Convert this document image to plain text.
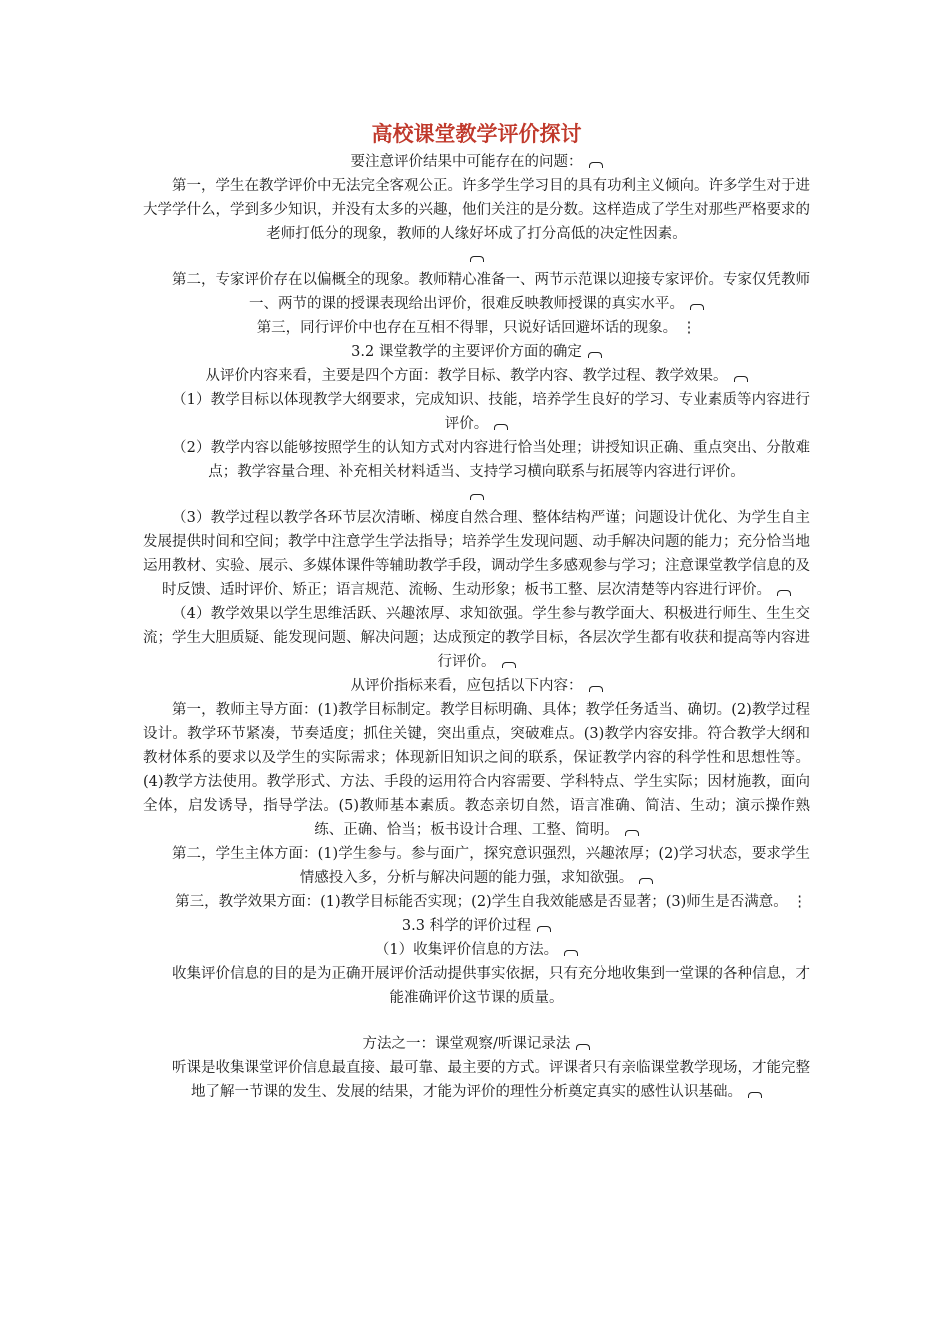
高校课堂教学评价探讨

要注意评价结果中可能存在的问题：

第一，学生在教学评价中无法完全客观公正。许多学生学习目的具有功利主义倾向。许多学生对于进大学学什么，学到多少知识，并没有太多的兴趣，他们关注的是分数。这样造成了学生对那些严格要求的老师打低分的现象，教师的人缘好坏成了打分高低的决定性因素。

第二，专家评价存在以偏概全的现象。教师精心准备一、两节示范课以迎接专家评价。专家仅凭教师一、两节的课的授课表现给出评价，很难反映教师授课的真实水平。

第三，同行评价中也存在互相不得罪，只说好话回避坏话的现象。 ⋮

3.2 课堂教学的主要评价方面的确定

从评价内容来看，主要是四个方面：教学目标、教学内容、教学过程、教学效果。

（1）教学目标以体现教学大纲要求，完成知识、技能，培养学生良好的学习、专业素质等内容进行评价。

（2）教学内容以能够按照学生的认知方式对内容进行恰当处理；讲授知识正确、重点突出、分散难点；教学容量合理、补充相关材料适当、支持学习横向联系与拓展等内容进行评价。

（3）教学过程以教学各环节层次清晰、梯度自然合理、整体结构严谨；问题设计优化、为学生自主发展提供时间和空间；教学中注意学生学法指导；培养学生发现问题、动手解决问题的能力；充分恰当地运用教材、实验、展示、多媒体课件等辅助教学手段，调动学生多感观参与学习；注意课堂教学信息的及时反馈、适时评价、矫正；语言规范、流畅、生动形象；板书工整、层次清楚等内容进行评价。

（4）教学效果以学生思维活跃、兴趣浓厚、求知欲强。学生参与教学面大、积极进行师生、生生交流；学生大胆质疑、能发现问题、解决问题；达成预定的教学目标，各层次学生都有收获和提高等内容进行评价。

从评价指标来看，应包括以下内容：

第一，教师主导方面：(1)教学目标制定。教学目标明确、具体；教学任务适当、确切。(2)教学过程设计。教学环节紧凑，节奏适度；抓住关键，突出重点，突破难点。(3)教学内容安排。符合教学大纲和教材体系的要求以及学生的实际需求；体现新旧知识之间的联系，保证教学内容的科学性和思想性等。(4)教学方法使用。教学形式、方法、手段的运用符合内容需要、学科特点、学生实际；因材施教，面向全体，启发诱导，指导学法。(5)教师基本素质。教态亲切自然，语言准确、简洁、生动；演示操作熟练、正确、恰当；板书设计合理、工整、简明。

第二，学生主体方面：(1)学生参与。参与面广，探究意识强烈，兴趣浓厚；(2)学习状态，要求学生情感投入多，分析与解决问题的能力强，求知欲强。

第三，教学效果方面：(1)教学目标能否实现；(2)学生自我效能感是否显著；(3)师生是否满意。 ⋮

3.3 科学的评价过程

（1）收集评价信息的方法。

收集评价信息的目的是为正确开展评价活动提供事实依据，只有充分地收集到一堂课的各种信息，才能准确评价这节课的质量。

方法之一：课堂观察/听课记录法

听课是收集课堂评价信息最直接、最可靠、最主要的方式。评课者只有亲临课堂教学现场，才能完整地了解一节课的发生、发展的结果，才能为评价的理性分析奠定真实的感性认识基础。
